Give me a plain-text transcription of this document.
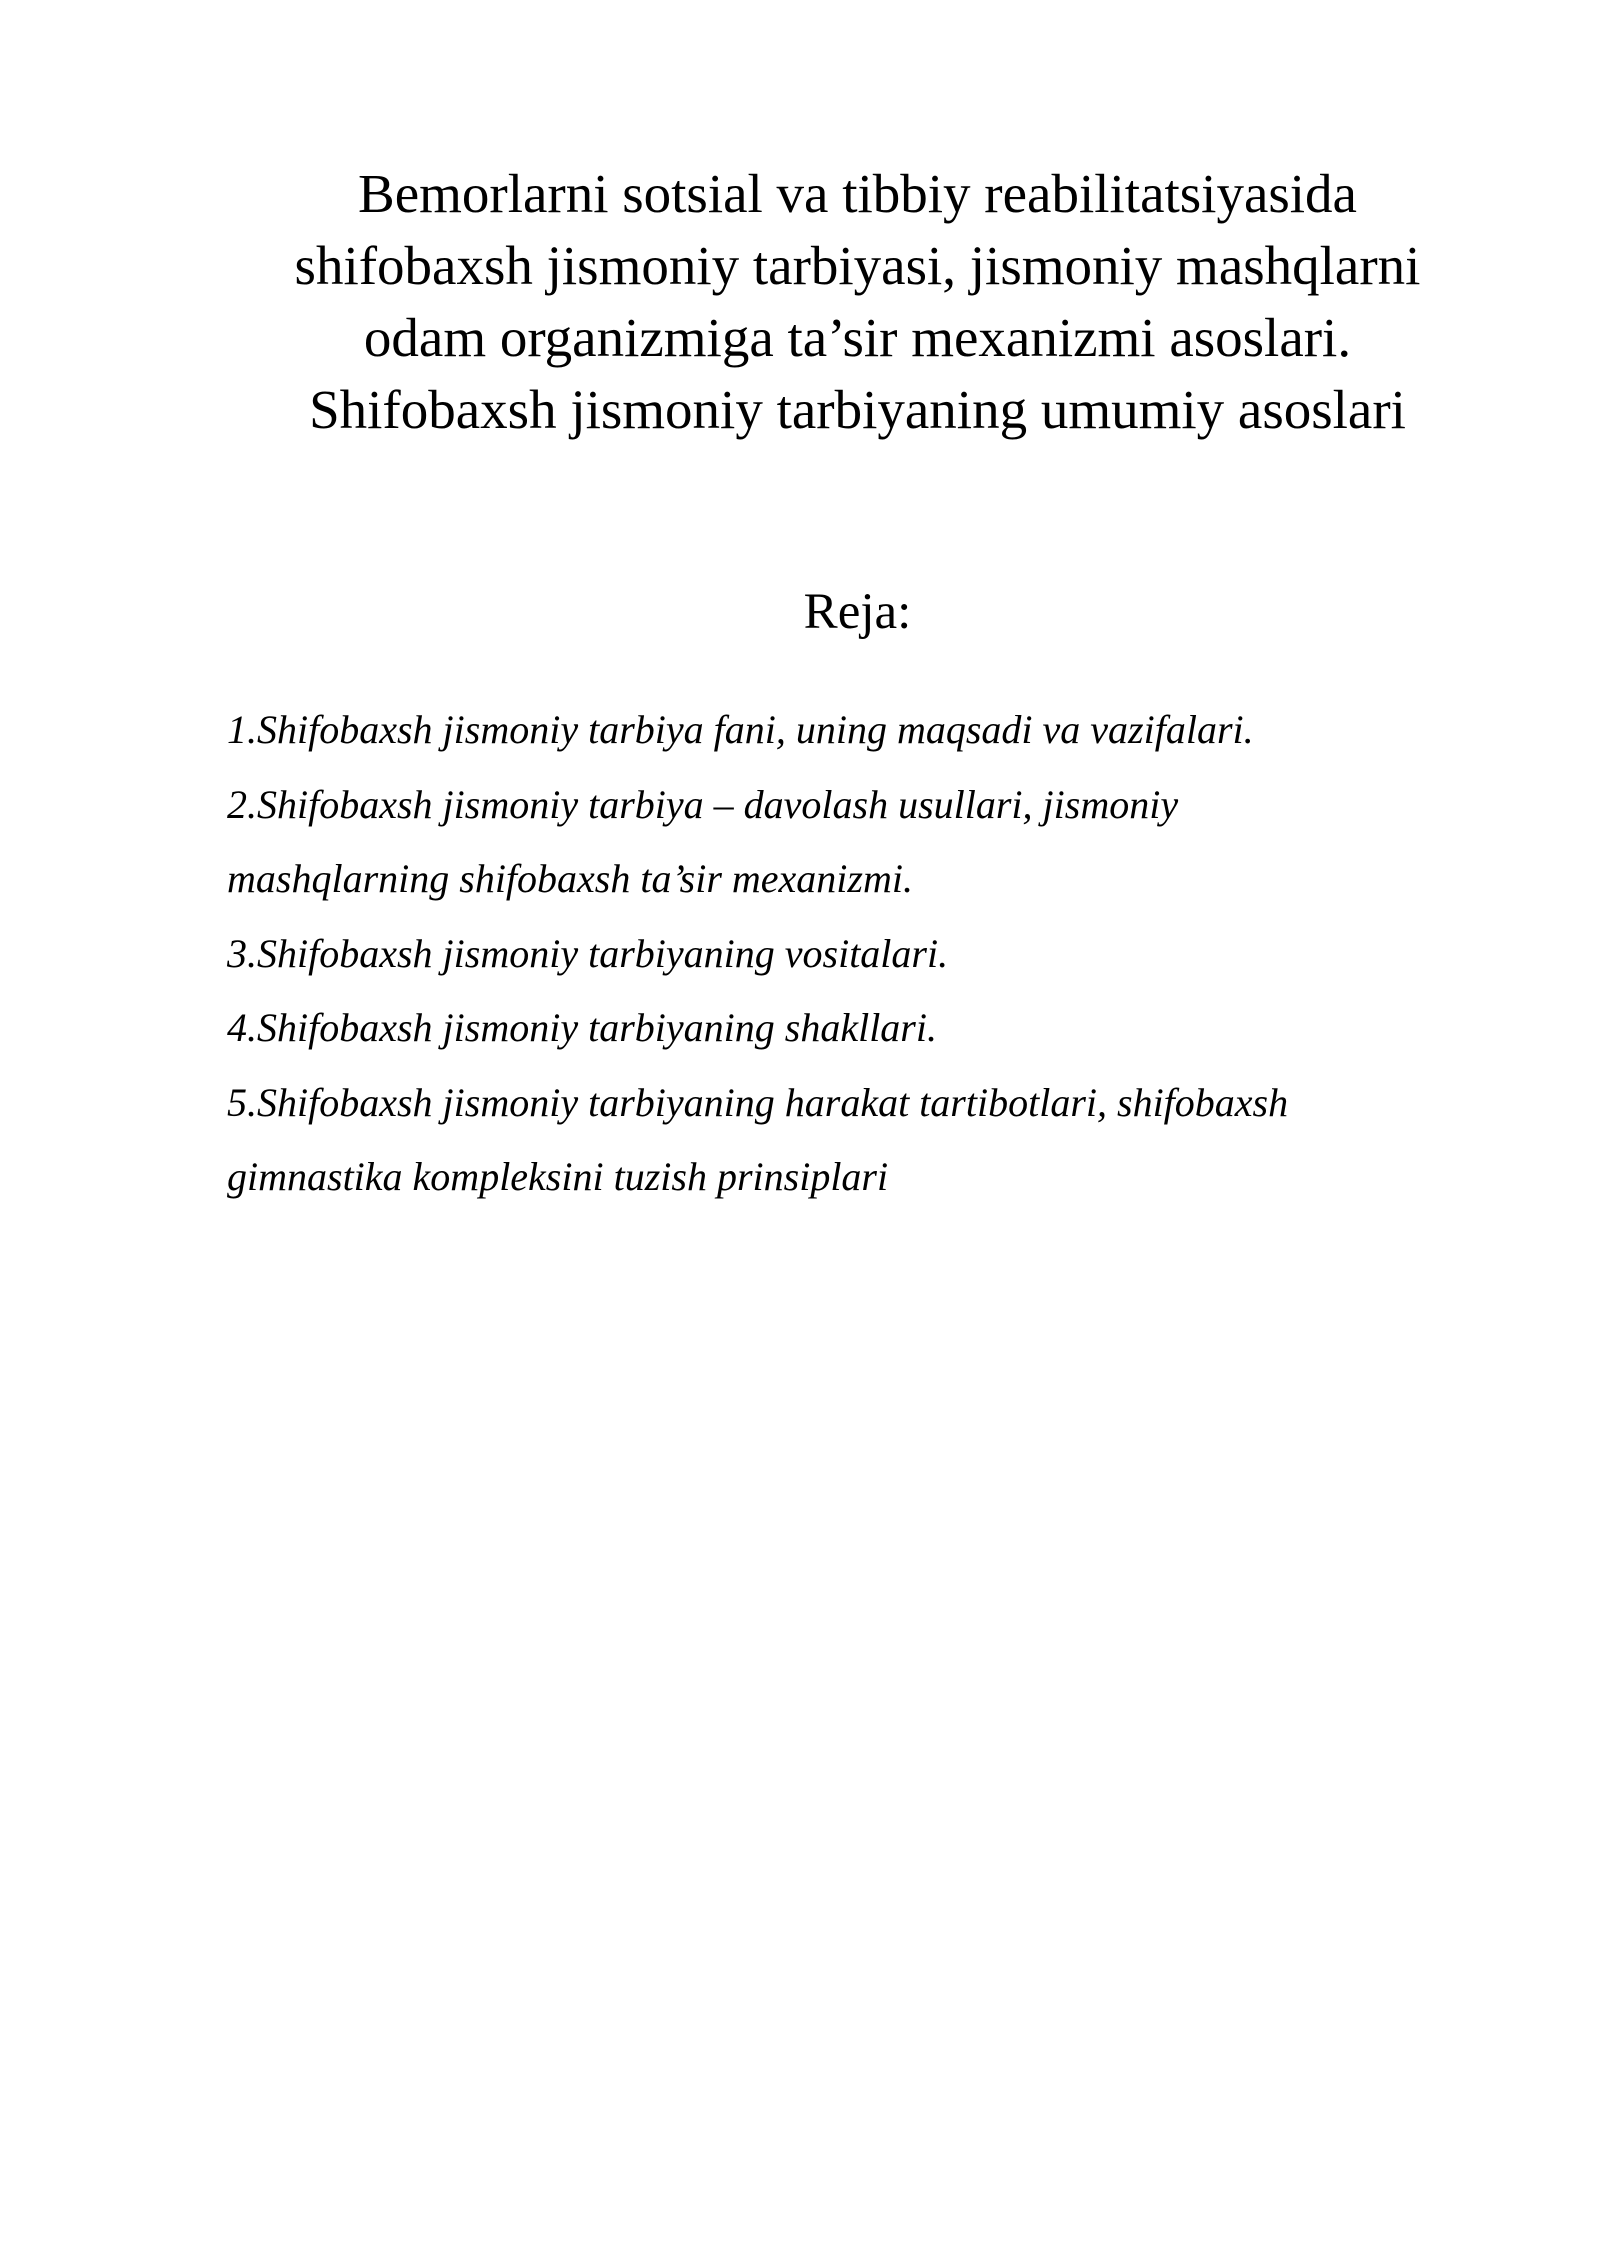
Bemorlarni sotsial va tibbiy reabilitatsiyasida
shifobaxsh jismoniy tarbiyasi, jismoniy mashqlarni
odam organizmiga ta’sir mexanizmi asoslari.
Shifobaxsh jismoniy tarbiyaning umumiy asoslari
Reja:
1.Shifobaxsh jismoniy tarbiya fani, uning maqsadi va vazifalari.
2.Shifobaxsh jismoniy tarbiya – davolash usullari, jismoniy
mashqlarning shifobaxsh ta’sir mexanizmi.
3.Shifobaxsh jismoniy tarbiyaning vositalari.
4.Shifobaxsh jismoniy tarbiyaning shakllari.
5.Shifobaxsh jismoniy tarbiyaning harakat tartibotlari, shifobaxsh
gimnastika kompleksini tuzish prinsiplari
